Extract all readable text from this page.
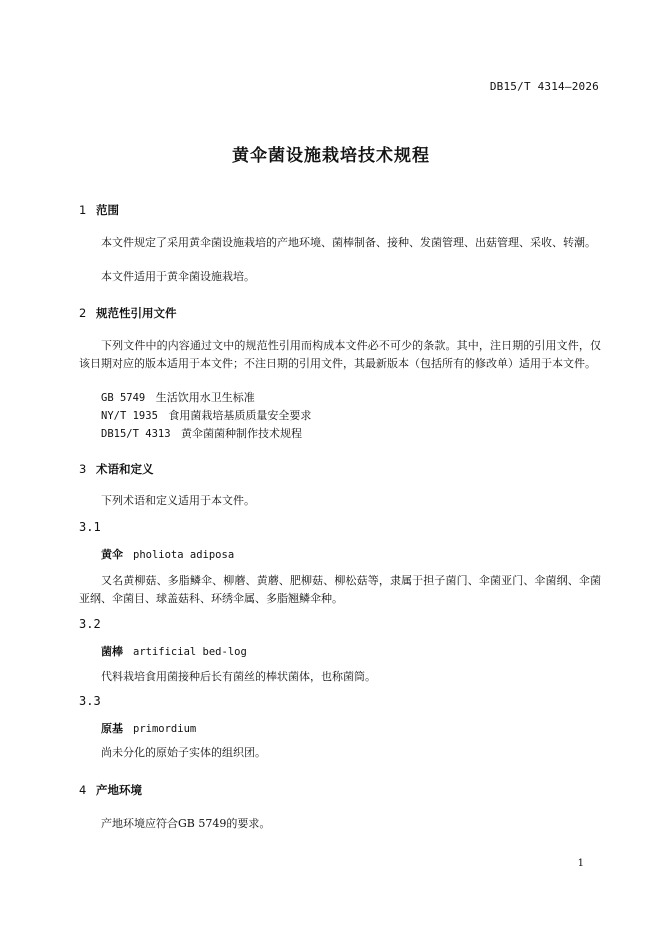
DB15/T 4314—2026
黄伞菌设施栽培技术规程
1 范围
本文件规定了采用黄伞菌设施栽培的产地环境、菌棒制备、接种、发菌管理、出菇管理、采收、转潮。
本文件适用于黄伞菌设施栽培。
2 规范性引用文件
下列文件中的内容通过文中的规范性引用而构成本文件必不可少的条款。其中，注日期的引用文件，仅该日期对应的版本适用于本文件；不注日期的引用文件，其最新版本（包括所有的修改单）适用于本文件。
GB 5749 生活饮用水卫生标准
NY/T 1935 食用菌栽培基质质量安全要求
DB15/T 4313 黄伞菌菌种制作技术规程
3 术语和定义
下列术语和定义适用于本文件。
3.1
黄伞 pholiota adiposa
又名黄柳菇、多脂鳞伞、柳蘑、黄蘑、肥柳菇、柳松菇等，隶属于担子菌门、伞菌亚门、伞菌纲、伞菌亚纲、伞菌目、球盖菇科、环绣伞属、多脂翘鳞伞种。
3.2
菌棒 artificial bed-log
代料栽培食用菌接种后长有菌丝的棒状菌体，也称菌筒。
3.3
原基 primordium
尚未分化的原始子实体的组织团。
4 产地环境
产地环境应符合GB 5749的要求。
1
